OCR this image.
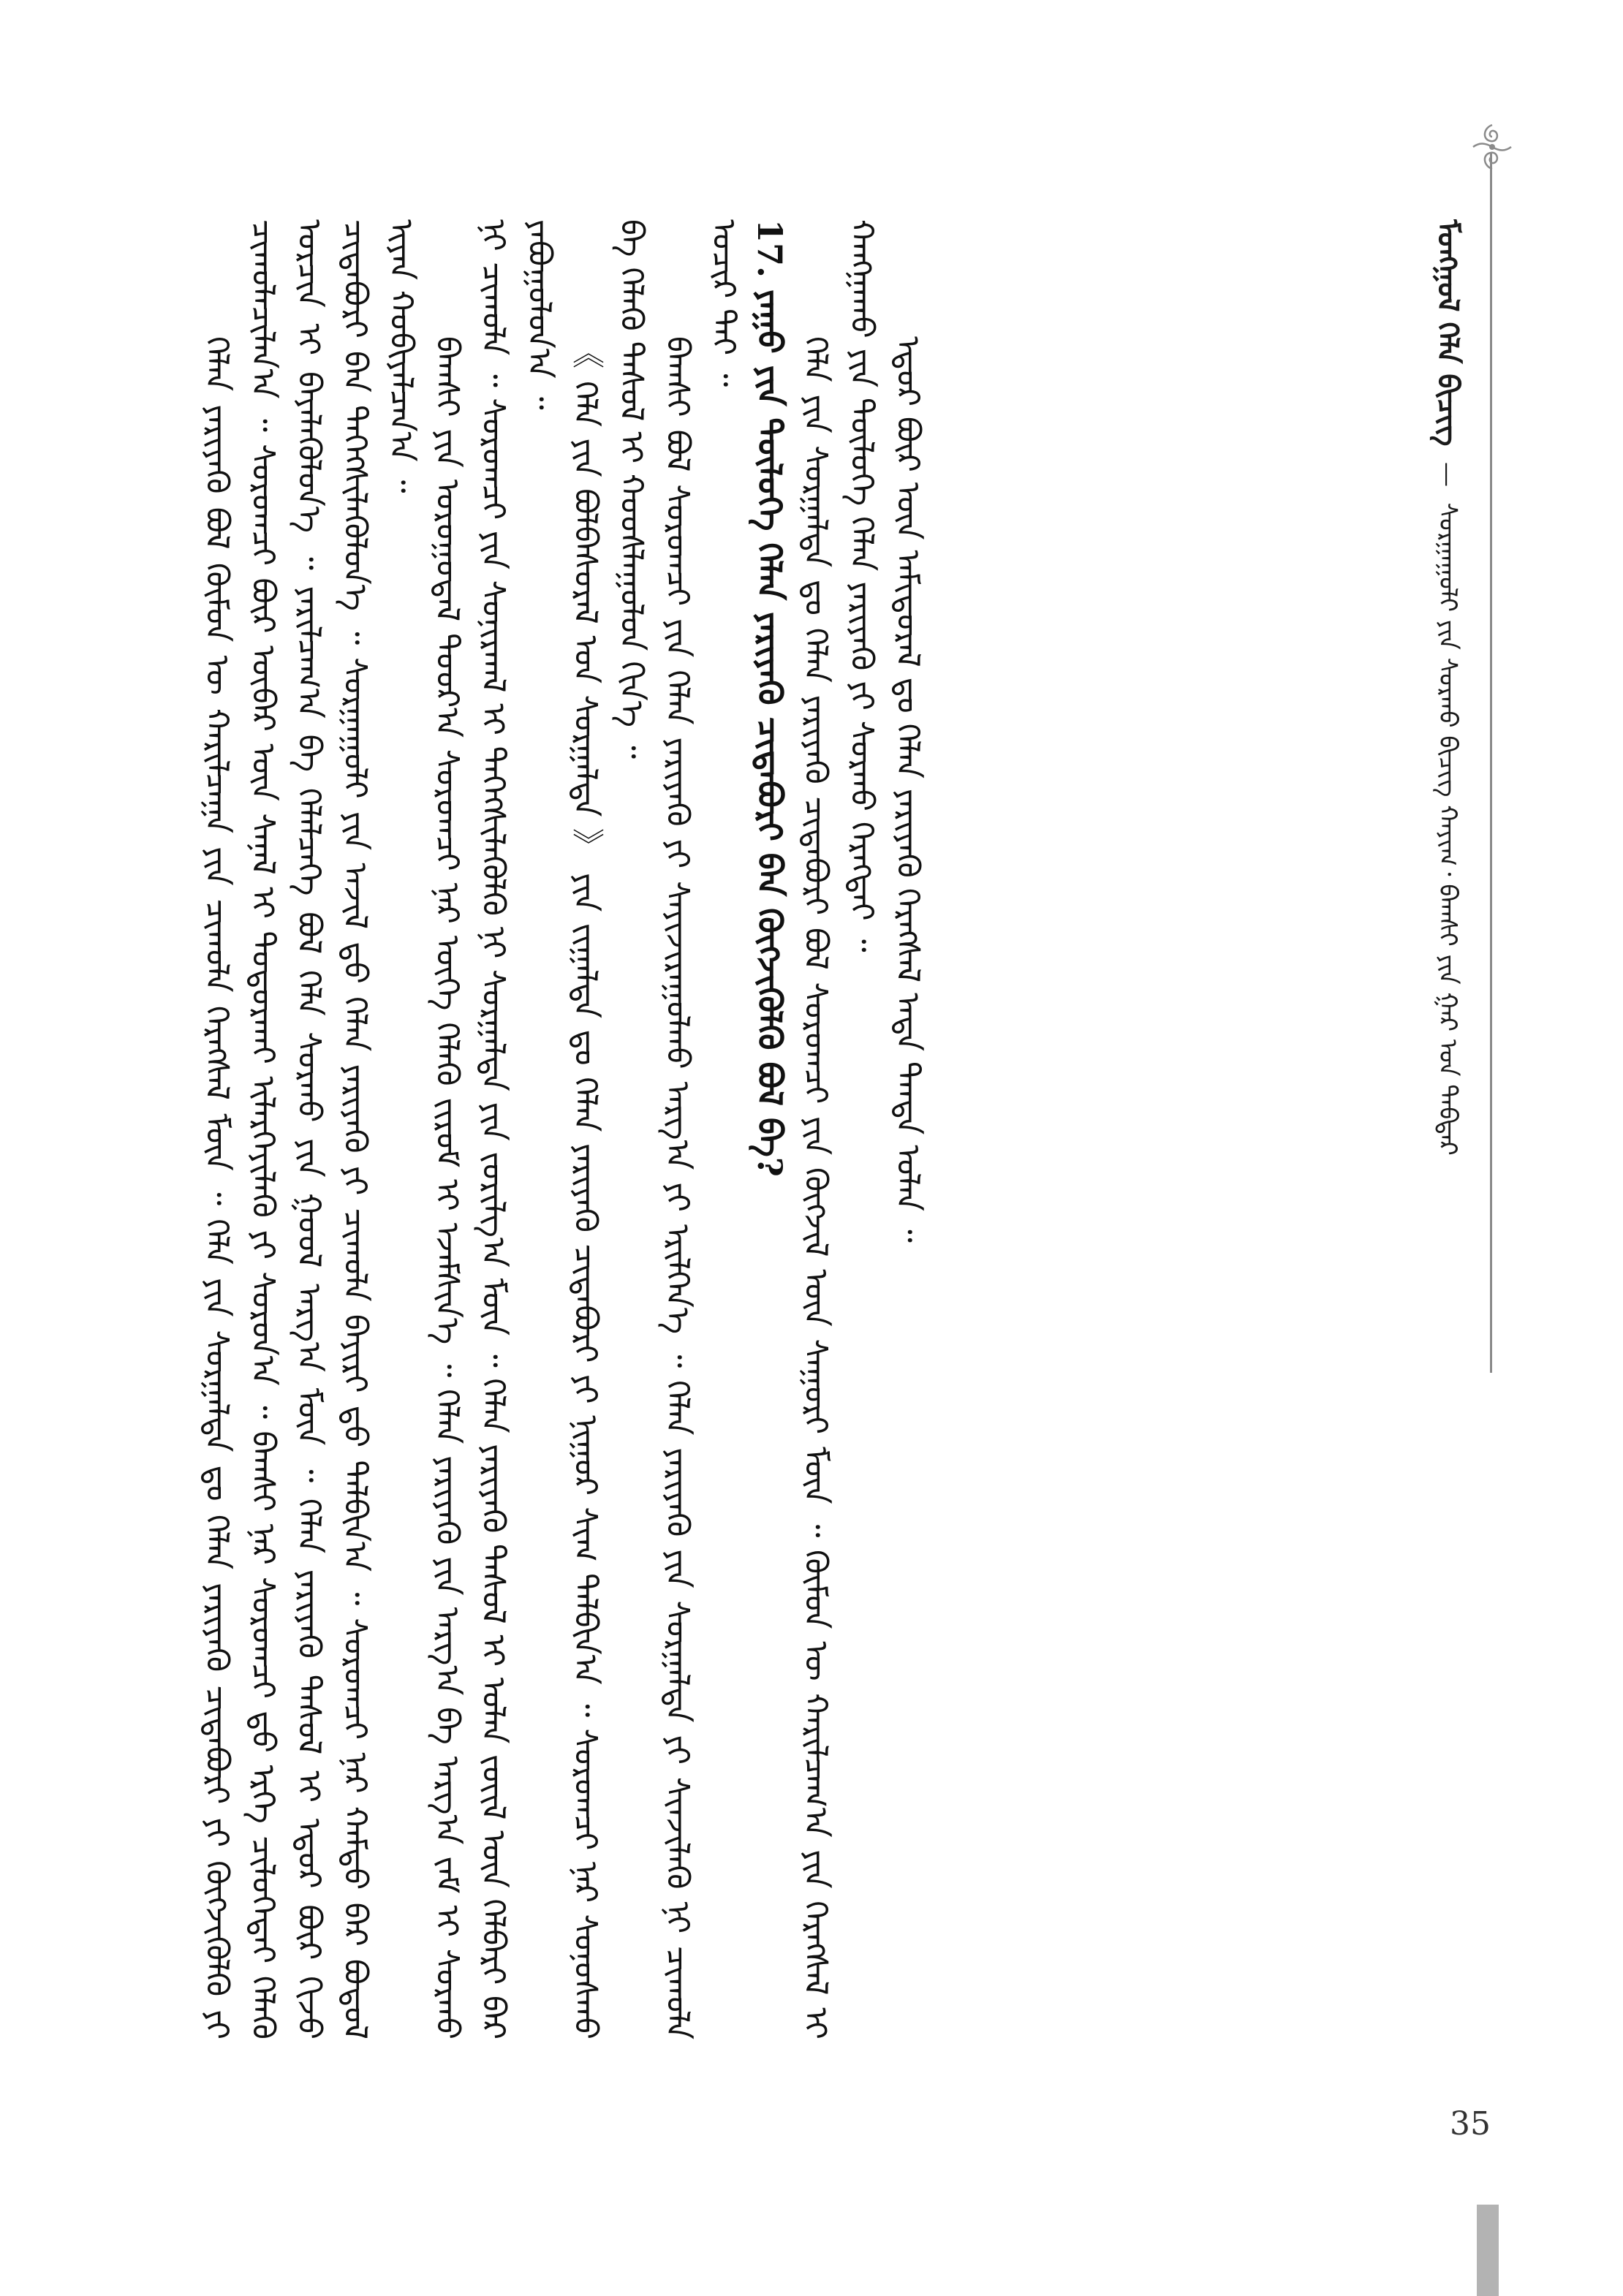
ᠮᠣᠩᠭᠣᠯ ᠬᠡᠯᠡ ᠪᠢᠴᠢᠭ᠌  —  ᠰᠤᠷᠭᠠᠭᠤᠯᠢ ᠶᠢᠨ ᠰᠤᠷᠬᠤ ᠪᠢᠴᠢᠭ ᠬᠠᠶᠢᠭ᠂ ᠪᠠᠭᠰᠢ ᠶᠢᠨ ᠭᠠᠷ ᠤᠨ ᠳᠡᠪᠲᠡᠷ

ᠬᠡᠯᠡᠨ ᠶᠡᠷᠢᠶᠡᠬᠦ ᠪᠣᠯ ᠬᠦᠮᠦᠨ ᠦ ᠬᠠᠷᠢᠯᠴᠠᠭᠠ ᠶᠢᠨ ᠴᠢᠬᠤᠯᠠ ᠬᠡᠷᠡᠭᠰᠡᠯ ᠮᠥᠨ ᠃ ᠬᠡᠯᠡ ᠶᠢᠨ ᠰᠤᠷᠭᠠᠯᠲᠠ ᠳᠤ ᠬᠡᠯᠡᠨ ᠶᠡᠷᠢᠶᠡᠬᠦ ᠴᠢᠳᠠᠪᠤᠷᠢ ᠶᠢ ᠬᠥᠭᠵᠢᠭᠦᠯᠬᠦ ᠶᠢ ᠴᠢᠬᠤᠯᠠᠴᠢᠯᠠᠨ᠎ᠠ ᠃ ᠰᠤᠷᠤᠭᠴᠢ ᠪᠦᠷ ᠥᠪᠡᠷ ᠦᠨ ᠰᠠᠨᠠᠯ ᠢ ᠲᠣᠳᠣᠷᠬᠠᠢ ᠢᠯᠡᠷᠬᠡᠶᠢᠯᠡᠬᠦ ᠶᠢ ᠰᠤᠷᠤᠨ᠎ᠠ ᠃ ᠪᠠᠭᠰᠢ ᠨᠠᠷ ᠰᠤᠷᠤᠭᠴᠢ ᠳ᠋ᠤ ᠡᠷᠬᠡ ᠴᠢᠯᠥᠭᠡᠲᠡᠢ ᠬᠡᠯᠡᠬᠦ ᠣᠷᠴᠢᠨ ᠢ ᠪᠡᠶᠡᠯᠡᠭᠦᠯᠦᠨ᠎ᠡ ᠃ ᠶᠠᠷᠢᠯᠴᠠᠭ᠎ᠠ ᠪᠠ ᠬᠡᠯᠡᠯᠴᠡᠭᠡ ᠪᠣᠯ ᠬᠡᠯᠡ ᠰᠤᠷᠬᠤ ᠶᠢᠨ ᠭᠣᠣᠯ ᠠᠷᠭ᠎ᠠ ᠮᠥᠨ ᠃ ᠬᠡᠯᠡᠨ ᠶᠡᠷᠢᠶᠡᠬᠦ ᠳᠠᠰᠤᠯ ᠢ ᠡᠳᠦᠷ ᠪᠦᠷ ᠬᠢᠵᠦ ᠴᠢᠳᠠᠪᠤᠷᠢ ᠪᠡᠨ ᠳᠡᠭᠡᠭᠰᠢᠯᠡᠭᠦᠯᠦᠨ᠎ᠡ ᠃ ᠰᠤᠷᠭᠠᠭᠤᠯᠢ ᠶᠢᠨ ᠠᠵᠢᠯ ᠳ᠋ᠤ ᠬᠡᠯᠡᠨ ᠶᠡᠷᠢᠶᠡᠬᠦ ᠶᠢ ᠴᠢᠬᠤᠯᠠ ᠪᠠᠶᠢᠷᠢ ᠳ᠋ᠤ ᠲᠠᠯᠪᠢᠨ᠎ᠠ ᠃ ᠰᠤᠷᠤᠭᠴᠢ ᠨᠠᠷ ᠬᠠᠮᠲᠤ ᠪᠡᠷ ᠪᠣᠳᠣᠯ ᠢᠶᠠᠨ ᠬᠤᠪᠢᠶᠠᠯᠴᠠᠨ᠎ᠠ ᠃ ᠪᠠᠭᠰᠢ ᠶᠢᠨ ᠤᠷᠤᠭᠤᠳᠠᠯ ᠳᠣᠣᠷ᠎ᠠ ᠰᠤᠷᠤᠭᠴᠢ ᠨᠠᠷ ᠦᠭᠡ ᠬᠡᠯᠡᠬᠦ ᠵᠢᠷᠤᠮ ᠢ ᠡᠵᠡᠮᠰᠢᠨ᠎ᠡ ᠃ ᠬᠡᠯᠡᠨ ᠶᠡᠷᠢᠶᠡᠬᠦ ᠶᠢᠨ ᠠᠷᠭ᠎ᠠ ᠪᠠ ᠠᠷᠭ᠎ᠠ ᠵᠠᠮ ᠢ ᠰᠤᠷᠬᠤ ᠨᠢ ᠴᠢᠬᠤᠯᠠ ᠃ ᠰᠤᠷᠤᠭᠴᠢ ᠶᠢᠨ ᠰᠣᠨᠢᠷᠬᠠᠯ ᠢ ᠳᠡᠭᠡᠭᠰᠢᠯᠡᠭᠦᠯᠬᠦ ᠨᠢ ᠰᠤᠷᠭᠠᠯᠲᠠ ᠶᠢᠨ ᠵᠣᠷᠢᠯᠭ᠎ᠠ ᠮᠥᠨ ᠃ ᠬᠡᠯᠡᠨ ᠶᠡᠷᠢᠶᠡᠬᠦ ᠳᠠᠰᠤᠯ ᠢ ᠣᠯᠠᠨ ᠵᠦᠢᠯ ᠦᠨ ᠬᠡᠯᠪᠡᠷᠢ ᠪᠡᠷ ᠶᠠᠪᠤᠭᠤᠯᠤᠨ᠎ᠠ ᠃

《 ᠬᠡᠯᠡ ᠶᠢᠨ ᠪᠣᠯᠪᠠᠰᠤᠷᠠᠯ ᠤᠨ ᠰᠤᠷᠭᠠᠯᠲᠠ 》 ᠶᠢᠨ ᠵᠢᠭᠠᠯᠲᠠ ᠳᠤ ᠬᠡᠯᠡᠨ ᠶᠡᠷᠢᠶᠡᠬᠦ ᠴᠢᠳᠠᠪᠤᠷᠢ ᠶᠢ ᠨᠢᠭᠤᠷ ᠰᠢᠭ᠋ ᠲᠠᠯᠪᠢᠨ᠎ᠠ ᠃ ᠰᠤᠷᠤᠭᠴᠢ ᠨᠠᠷ ᠰᠣᠨᠣᠰᠬᠤ ᠪᠠ ᠬᠡᠯᠡᠬᠦ ᠳᠠᠰᠤᠯ ᠢ ᠬᠣᠤᠰᠯᠠᠭᠤᠯᠤᠨ ᠬᠢᠨ᠎ᠡ ᠃ ᠪᠠᠭᠰᠢ ᠪᠣᠯ ᠰᠤᠷᠤᠭᠴᠢ ᠶᠢᠨ ᠬᠡᠯᠡᠨ ᠶᠡᠷᠢᠶᠡᠬᠦ ᠶᠢ ᠰᠠᠶᠢᠵᠢᠷᠠᠭᠤᠯᠬᠤ ᠠᠷᠭ᠎ᠠ ᠶᠢ ᠡᠷᠢᠯᠬᠡᠨ᠎ᠡ ᠃ ᠬᠡᠯᠡᠨ ᠶᠡᠷᠢᠶᠡᠬᠦ ᠶᠢᠨ ᠰᠤᠷᠭᠠᠯᠲᠠ ᠶᠢ ᠰᠢᠨᠵᠢᠯᠡᠬᠦ ᠨᠢ ᠴᠢᠬᠤᠯᠠ ᠤᠴᠢᠷ ᠲᠠᠢ ᠃ 17. ᠶᠠᠭᠤ ᠶᠢᠨ ᠲᠥᠯᠦᠭᠡ ᠬᠡᠯᠡᠨ ᠶᠡᠷᠢᠶᠡᠬᠦ ᠴᠢᠳᠠᠪᠤᠷᠢ ᠪᠠᠨ ᠬᠥᠭᠵᠢᠭᠦᠯᠬᠦ ᠪᠣᠯ ᠪᠡ? ᠬᠡᠯᠡ ᠶᠢᠨ ᠰᠤᠷᠭᠠᠯᠲᠠ ᠳᠤ ᠬᠡᠯᠡᠨ ᠶᠡᠷᠢᠶᠡᠬᠦ ᠴᠢᠳᠠᠪᠤᠷᠢ ᠪᠣᠯ ᠰᠤᠷᠤᠭᠴᠢ ᠶᠢᠨ ᠬᠥᠭᠵᠢᠯ ᠦᠨ ᠰᠠᠭᠤᠷᠢ ᠮᠥᠨ ᠃ ᠬᠦᠮᠦᠨ ᠦ ᠬᠠᠷᠢᠯᠴᠠᠭ᠎ᠠ ᠶᠢᠨ ᠬᠡᠷᠡᠭᠰᠡᠯ ᠢ ᠬᠠᠩᠭᠠᠬᠤ ᠶᠢᠨ ᠲᠥᠯᠦᠭᠡ ᠬᠡᠯᠡᠨ ᠶᠡᠷᠢᠶᠡᠬᠦ ᠶᠢ ᠰᠤᠷᠬᠤ ᠬᠡᠷᠡᠭᠲᠡᠢ ᠃ ᠡᠳᠦᠷ ᠪᠦᠷ ᠦᠨ ᠠᠮᠢᠳᠤᠷᠠᠯ ᠳᠤ ᠬᠡᠯᠡᠨ ᠶᠡᠷᠢᠶᠡᠬᠦ ᠬᠡᠷᠡᠭᠰᠡᠯ ᠡᠨᠳᠡ ᠲᠡᠨᠳᠡ ᠣᠯᠠᠨ ᠃

35
